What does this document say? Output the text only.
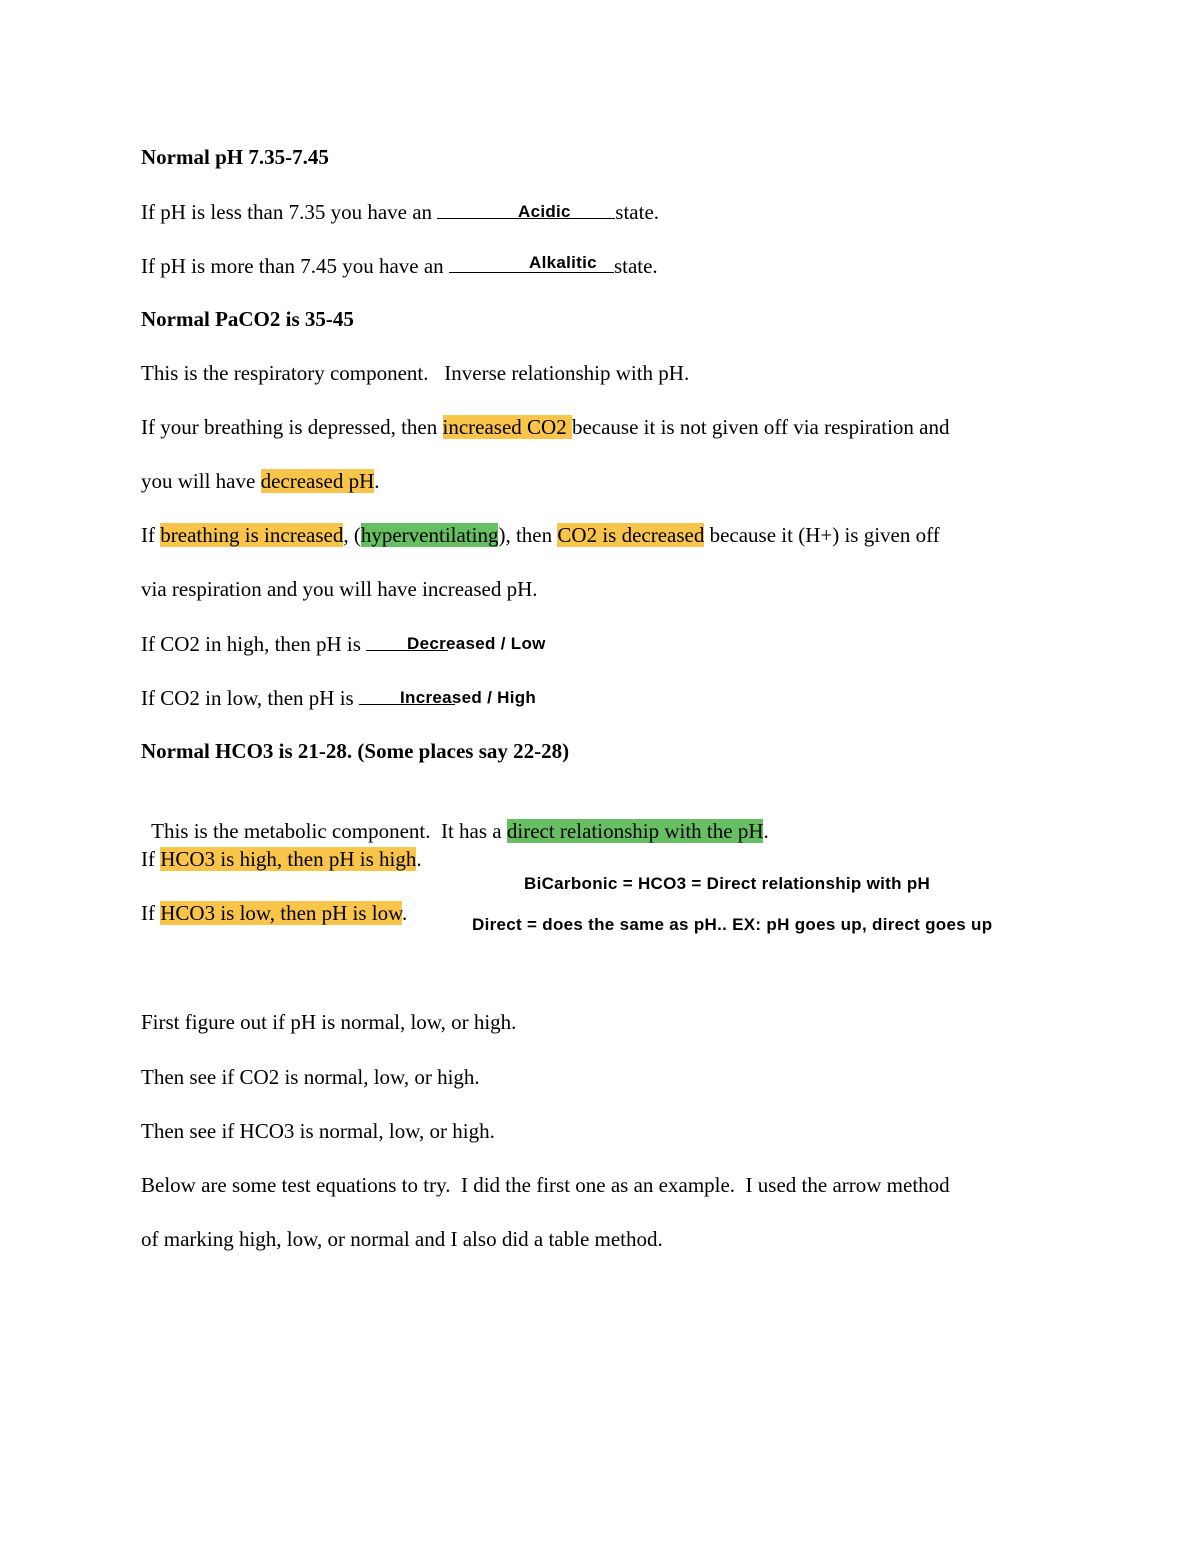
Normal pH 7.35-7.45
If pH is less than 7.35 you have an	state.
Acidic
If pH is more than 7.45 you have an	state.
Alkalitic
Normal PaCO2 is 35-45
This is the respiratory component.   Inverse relationship with pH.
If your breathing is depressed, then increased CO2 because it is not given off via respiration and
you will have decreased pH.
If breathing is increased, (hyperventilating), then CO2 is decreased because it (H+) is given off
via respiration and you will have increased pH.
If CO2 in high, then pH is	Decreased / Low
If CO2 in low, then pH is	Increased / High
Normal HCO3 is 21-28. (Some places say 22-28)

This is the metabolic component.  It has a direct relationship with the pH.

If HCO3 is high, then pH is high.
If HCO3 is low, then pH is low.
BiCarbonic = HCO3 = Direct relationship with pH
Direct = does the same as pH.. EX: pH goes up, direct goes up
First figure out if pH is normal, low, or high.
Then see if CO2 is normal, low, or high.
Then see if HCO3 is normal, low, or high.
Below are some test equations to try.  I did the first one as an example.  I used the arrow method
of marking high, low, or normal and I also did a table method.
